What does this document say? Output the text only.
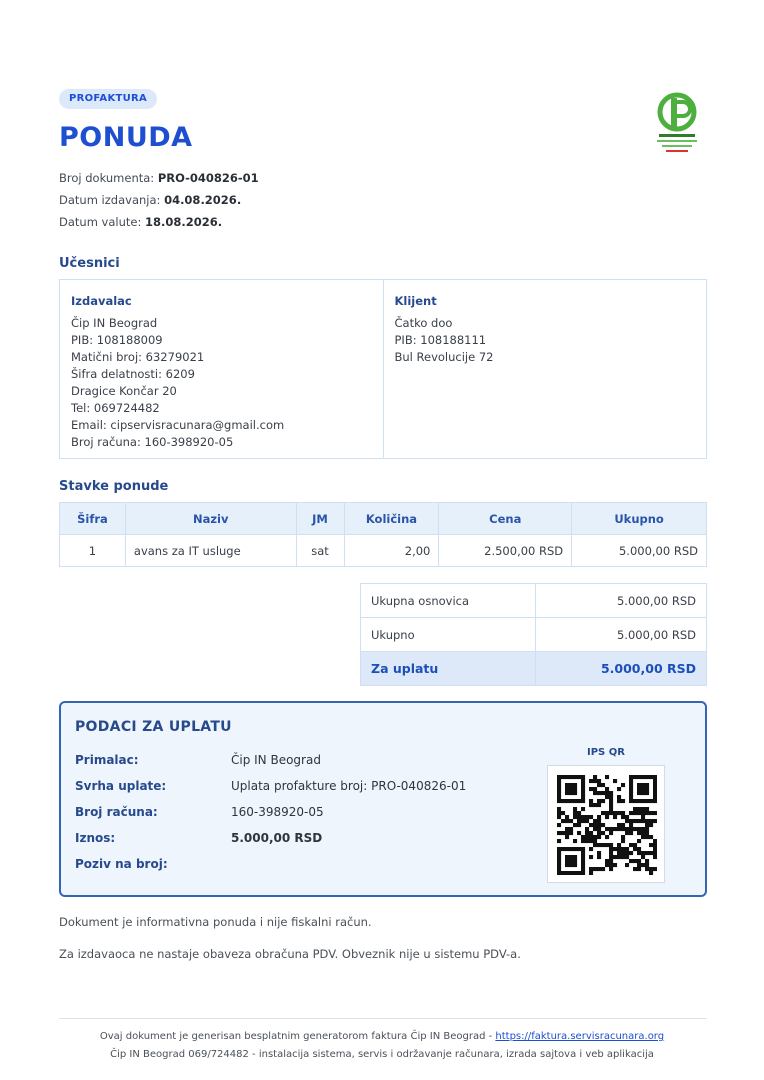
PROFAKTURA
PONUDA
Broj dokumenta: PRO-040826-01
Datum izdavanja: 04.08.2026.
Datum valute: 18.08.2026.
Učesnici
Izdavalac
Čip IN Beograd
PIB: 108188009
Matični broj: 63279021
Šifra delatnosti: 6209
Dragice Končar 20
Tel: 069724482
Email: cipservisracunara@gmail.com
Broj računa: 160-398920-05
Klijent
Čatko doo
PIB: 108188111
Bul Revolucije 72
Stavke ponude
Šifra	Naziv	JM	Količina	Cena	Ukupno
1	avans za IT usluge	sat	2,00	2.500,00 RSD	5.000,00 RSD
Ukupna osnovica	5.000,00 RSD
Ukupno	5.000,00 RSD
Za uplatu	5.000,00 RSD
PODACI ZA UPLATU
Primalac:	Čip IN Beograd
Svrha uplate:	Uplata profakture broj: PRO-040826-01
Broj računa:	160-398920-05
Iznos:	5.000,00 RSD
Poziv na broj:
IPS QR
Dokument je informativna ponuda i nije fiskalni račun.
Za izdavaoca ne nastaje obaveza obračuna PDV. Obveznik nije u sistemu PDV-a.
Ovaj dokument je generisan besplatnim generatorom faktura Čip IN Beograd - https://faktura.servisracunara.org
Čip IN Beograd 069/724482 - instalacija sistema, servis i održavanje računara, izrada sajtova i veb aplikacija
